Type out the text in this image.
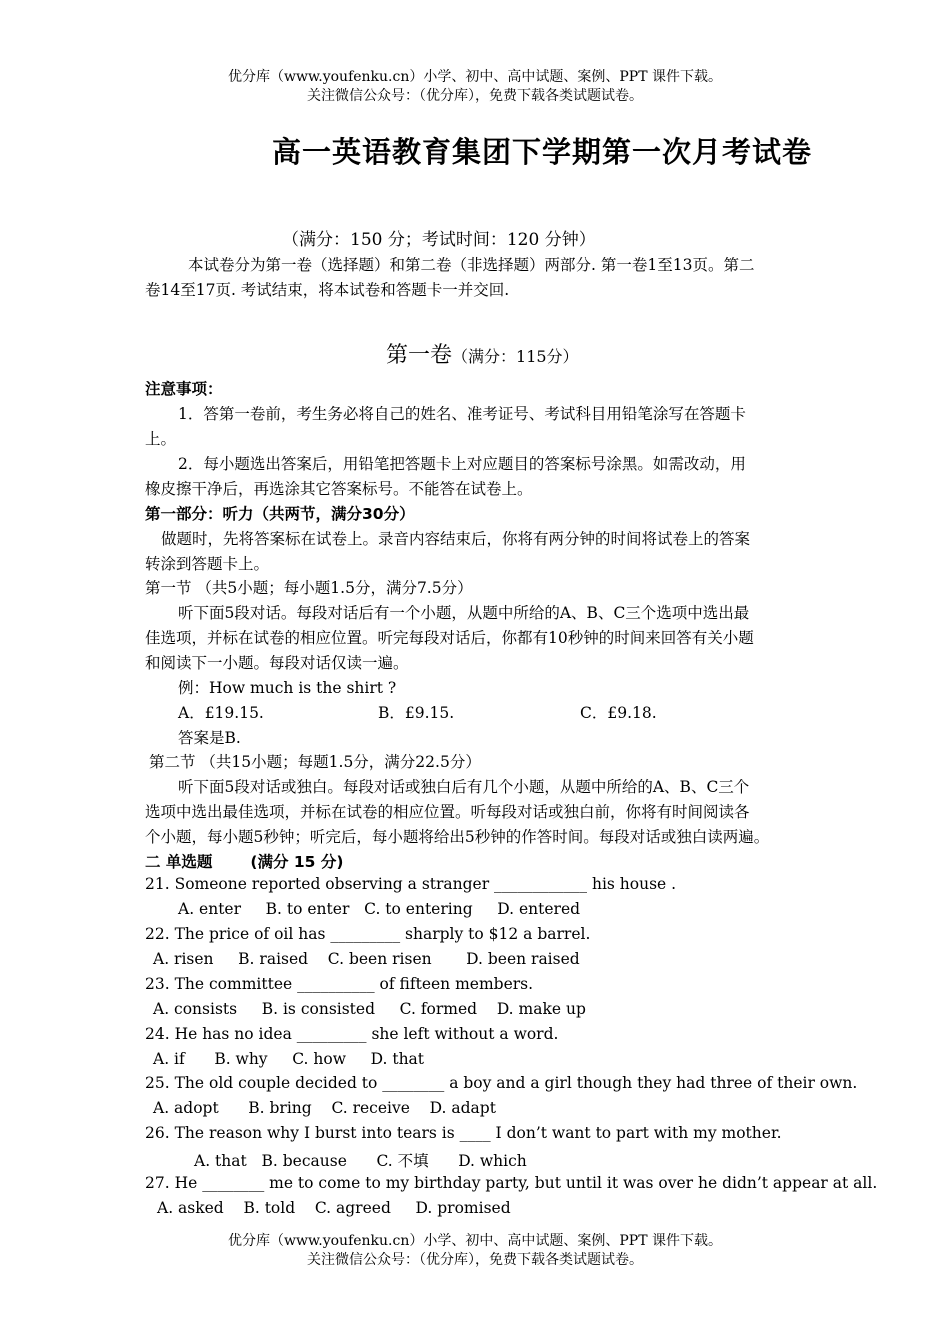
优分库（www.youfenku.cn）小学、初中、高中试题、案例、PPT 课件下载。
关注微信公众号：（优分库），免费下载各类试题试卷。
高一英语教育集团下学期第一次月考试卷
（满分：150 分；考试时间：120 分钟）
本试卷分为第一卷（选择题）和第二卷（非选择题）两部分. 第一卷1至13页。第二
卷14至17页. 考试结束，将本试卷和答题卡一并交回.
第一卷（满分：115分）
注意事项：
1．答第一卷前，考生务必将自己的姓名、准考证号、考试科目用铅笔涂写在答题卡
上。
2．每小题选出答案后，用铅笔把答题卡上对应题目的答案标号涂黑。如需改动，用
橡皮擦干净后，再选涂其它答案标号。不能答在试卷上。
第一部分：听力（共两节，满分30分）
做题时，先将答案标在试卷上。录音内容结束后，你将有两分钟的时间将试卷上的答案
转涂到答题卡上。
第一节 （共5小题；每小题1.5分，满分7.5分）
听下面5段对话。每段对话后有一个小题，从题中所给的A、B、C三个选项中选出最
佳选项，并标在试卷的相应位置。听完每段对话后，你都有10秒钟的时间来回答有关小题
和阅读下一小题。每段对话仅读一遍。
例：How much is the shirt ?
A．£19.15.	B．£9.15.	C．£9.18.
答案是B.
第二节 （共15小题；每题1.5分，满分22.5分）
听下面5段对话或独白。每段对话或独白后有几个小题，从题中所给的A、B、C三个
选项中选出最佳选项，并标在试卷的相应位置。听每段对话或独白前，你将有时间阅读各
个小题，每小题5秒钟；听完后，每小题将给出5秒钟的作答时间。每段对话或独白读两遍。
二 单选题 (满分 15 分)
21. Someone reported observing a stranger ____________ his house .
A. enter B. to enter C. to entering D. entered
22. The price of oil has _________ sharply to $12 a barrel.
A. risen B. raised C. been risen D. been raised
23. The committee __________ of fifteen members.
A. consists B. is consisted C. formed D. make up
24. He has no idea _________ she left without a word.
A. if B. why C. how D. that
25. The old couple decided to ________ a boy and a girl though they had three of their own.
A. adopt B. bring C. receive D. adapt
26. The reason why I burst into tears is ____ I don’t want to part with my mother.
A. that B. because C. 不填 D. which
27. He ________ me to come to my birthday party, but until it was over he didn’t appear at all.
A. asked B. told C. agreed D. promised
优分库（www.youfenku.cn）小学、初中、高中试题、案例、PPT 课件下载。
关注微信公众号：（优分库），免费下载各类试题试卷。
